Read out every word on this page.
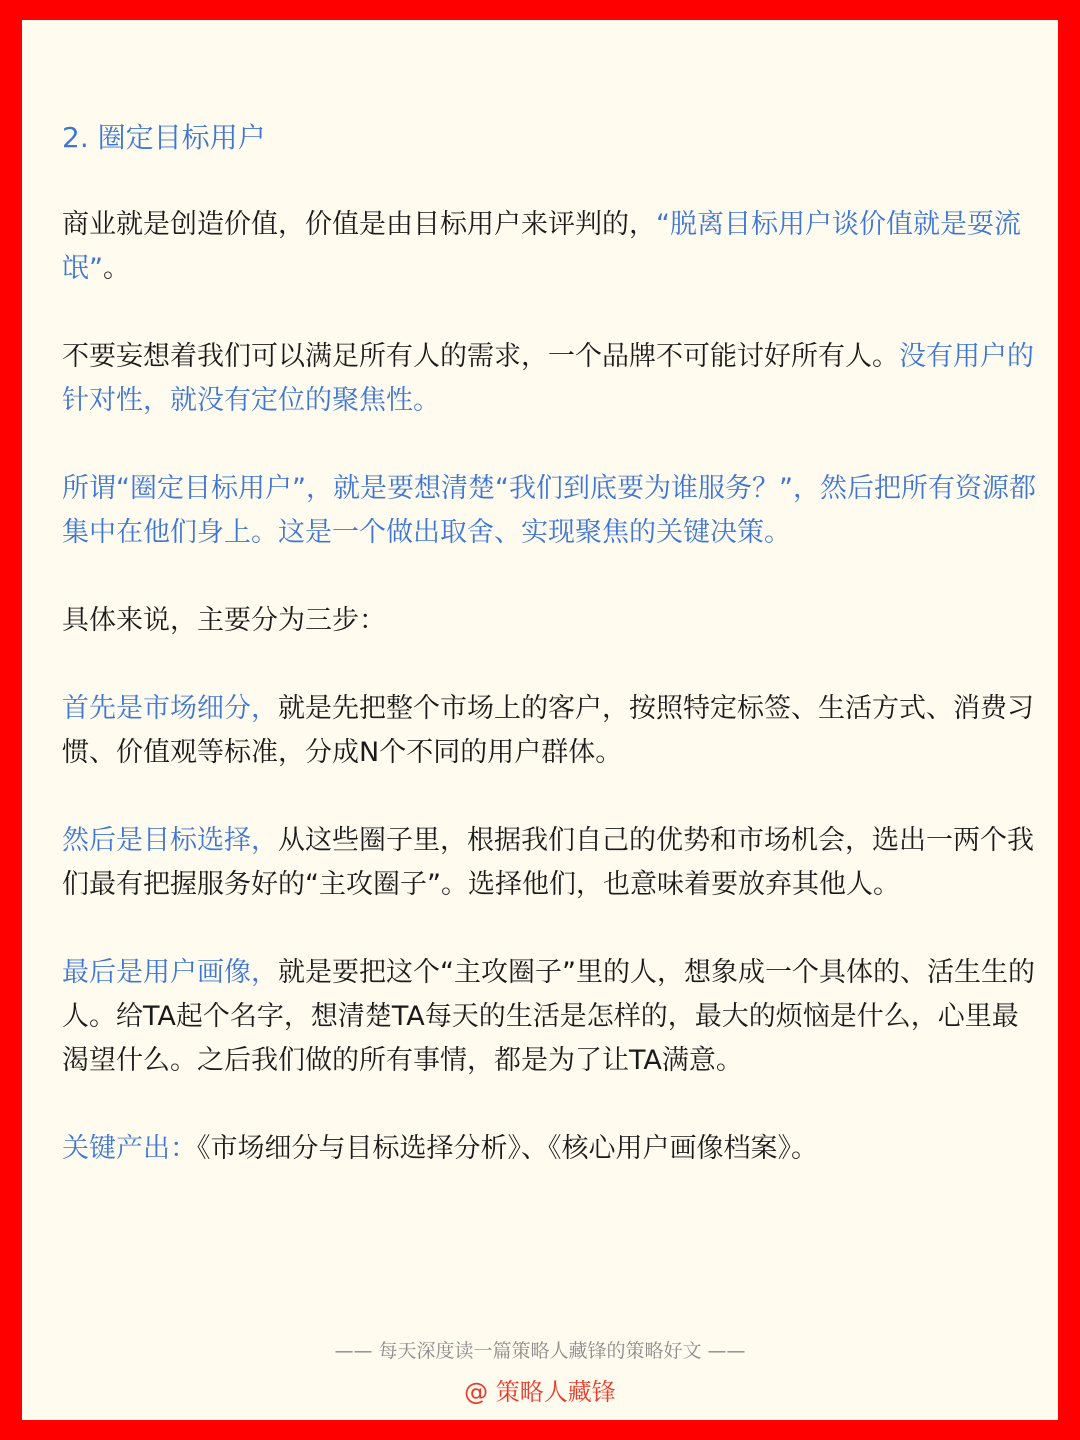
2. 圈定目标用户

商业就是创造价值，价值是由目标用户来评判的，“脱离目标用户谈价值就是耍流氓”。

不要妄想着我们可以满足所有人的需求，一个品牌不可能讨好所有人。没有用户的针对性，就没有定位的聚焦性。

所谓“圈定目标用户”，就是要想清楚“我们到底要为谁服务？”，然后把所有资源都集中在他们身上。这是一个做出取舍、实现聚焦的关键决策。

具体来说，主要分为三步：

首先是市场细分，就是先把整个市场上的客户，按照特定标签、生活方式、消费习惯、价值观等标准，分成N个不同的用户群体。

然后是目标选择，从这些圈子里，根据我们自己的优势和市场机会，选出一两个我们最有把握服务好的“主攻圈子”。选择他们，也意味着要放弃其他人。

最后是用户画像，就是要把这个“主攻圈子”里的人，想象成一个具体的、活生生的人。给TA起个名字，想清楚TA每天的生活是怎样的，最大的烦恼是什么，心里最渴望什么。之后我们做的所有事情，都是为了让TA满意。

关键产出：《市场细分与目标选择分析》、《核心用户画像档案》。

—— 每天深度读一篇策略人藏锋的策略好文 ——
@ 策略人藏锋
